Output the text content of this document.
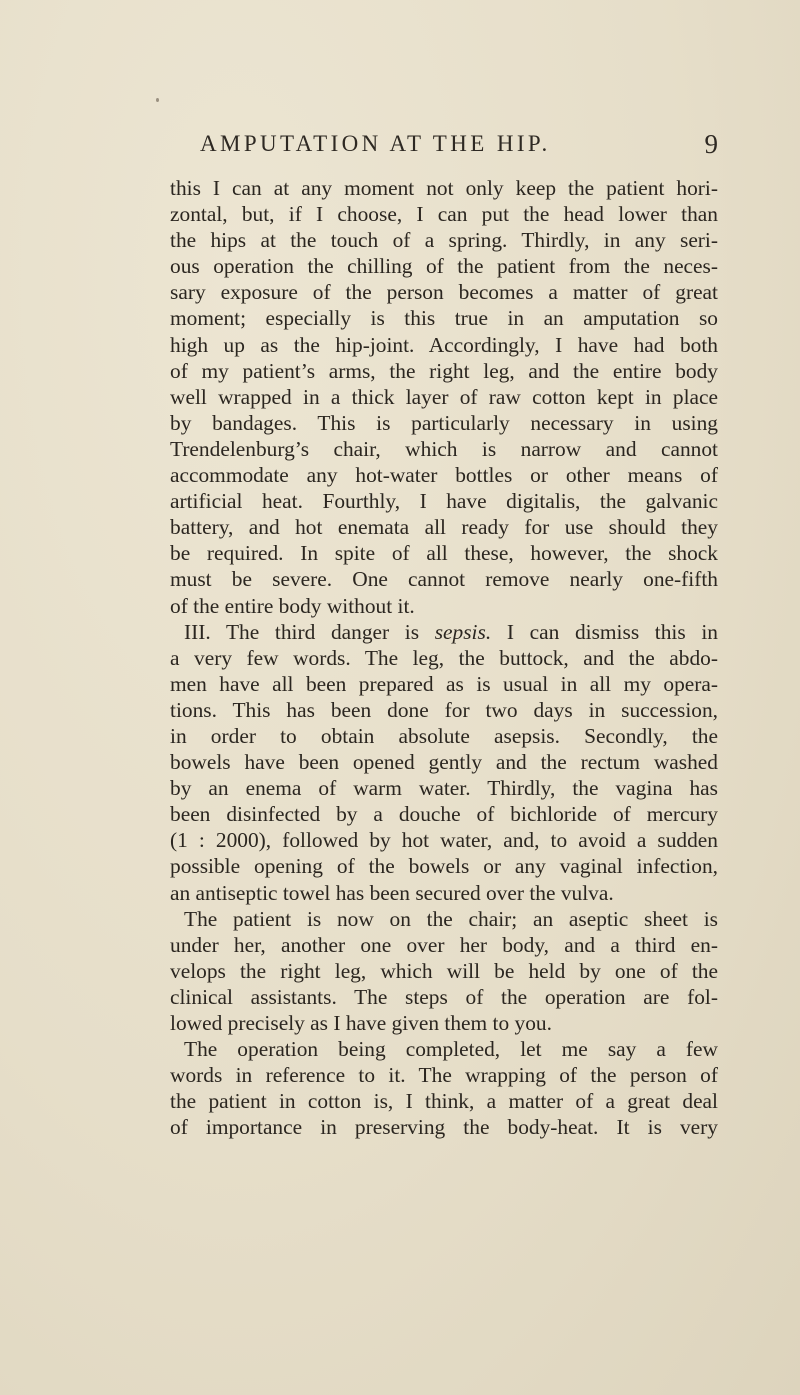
AMPUTATION AT THE HIP.	9
this I can at any moment not only keep the patient hori-
zontal, but, if I choose, I can put the head lower than
the hips at the touch of a spring. Thirdly, in any seri-
ous operation the chilling of the patient from the neces-
sary exposure of the person becomes a matter of great
moment; especially is this true in an amputation so
high up as the hip-joint. Accordingly, I have had both
of my patient’s arms, the right leg, and the entire body
well wrapped in a thick layer of raw cotton kept in place
by bandages. This is particularly necessary in using
Trendelenburg’s chair, which is narrow and cannot
accommodate any hot-water bottles or other means of
artificial heat. Fourthly, I have digitalis, the galvanic
battery, and hot enemata all ready for use should they
be required. In spite of all these, however, the shock
must be severe. One cannot remove nearly one-fifth
of the entire body without it.
III. The third danger is sepsis. I can dismiss this in
a very few words. The leg, the buttock, and the abdo-
men have all been prepared as is usual in all my opera-
tions. This has been done for two days in succession,
in order to obtain absolute asepsis. Secondly, the
bowels have been opened gently and the rectum washed
by an enema of warm water. Thirdly, the vagina has
been disinfected by a douche of bichloride of mercury
(1 : 2000), followed by hot water, and, to avoid a sudden
possible opening of the bowels or any vaginal infection,
an antiseptic towel has been secured over the vulva.
The patient is now on the chair; an aseptic sheet is
under her, another one over her body, and a third en-
velops the right leg, which will be held by one of the
clinical assistants. The steps of the operation are fol-
lowed precisely as I have given them to you.
The operation being completed, let me say a few
words in reference to it. The wrapping of the person of
the patient in cotton is, I think, a matter of a great deal
of importance in preserving the body-heat. It is very
